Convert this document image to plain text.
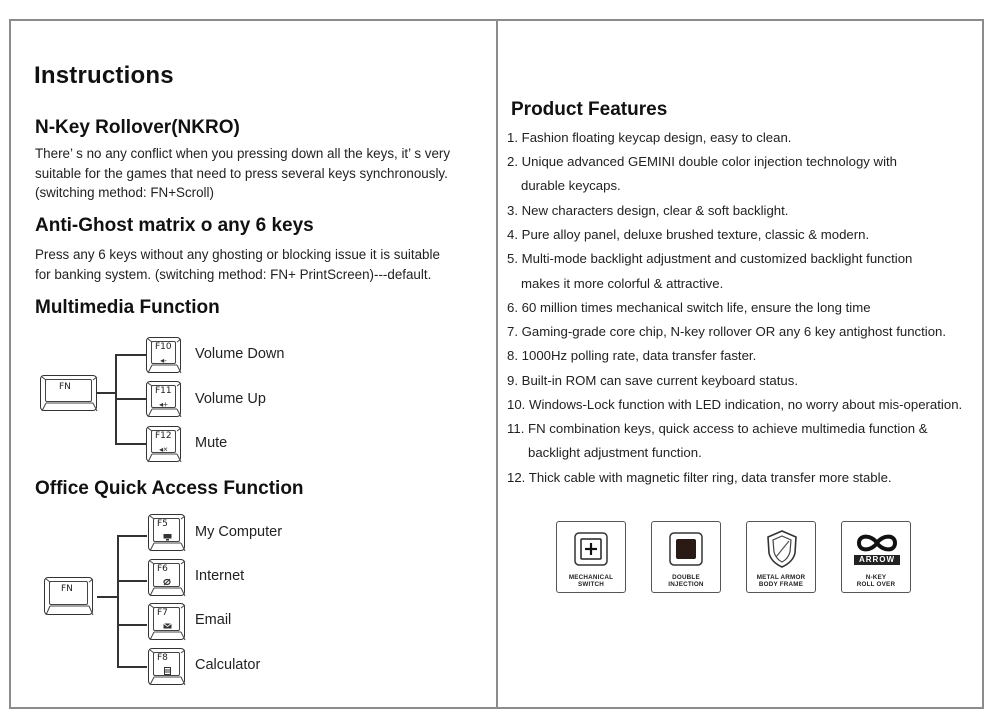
Instructions
N-Key Rollover(NKRO)
There’ s no any conflict when you pressing down all the keys, it’ s very
suitable for the games that need to press several keys synchronously.
(switching method: FN+Scroll)
Anti-Ghost matrix o any 6 keys
Press any 6 keys without any ghosting or blocking issue it is suitable
for banking system. (switching method: FN+ PrintScreen)---default.
Multimedia Function
FN
F10
◂-	Volume Down
F11
◂+	Volume Up
F12
◂×	Mute
Office Quick Access Function
FN
F5 My Computer
F6 Internet
F7 Email
F8 Calculator
Product Features
1. Fashion floating keycap design, easy to clean.
2. Unique advanced GEMINI double color injection technology with
durable keycaps.
3. New characters design, clear & soft backlight.
4. Pure alloy panel, deluxe brushed texture, classic & modern.
5. Multi-mode backlight adjustment and customized backlight function
makes it more colorful & attractive.
6. 60 million times mechanical switch life, ensure the long time
7. Gaming-grade core chip, N-key rollover OR any 6 key antighost function.
8. 1000Hz polling rate, data transfer faster.
9. Built-in ROM can save current keyboard status.
10. Windows-Lock function with LED indication, no worry about mis-operation.
11. FN combination keys, quick access to achieve multimedia function &
backlight adjustment function.
12. Thick cable with magnetic filter ring, data transfer more stable.
MECHANICAL
SWITCH
DOUBLE
INJECTION
METAL ARMOR
BODY FRAME
ARROW
N-KEY
ROLL OVER
